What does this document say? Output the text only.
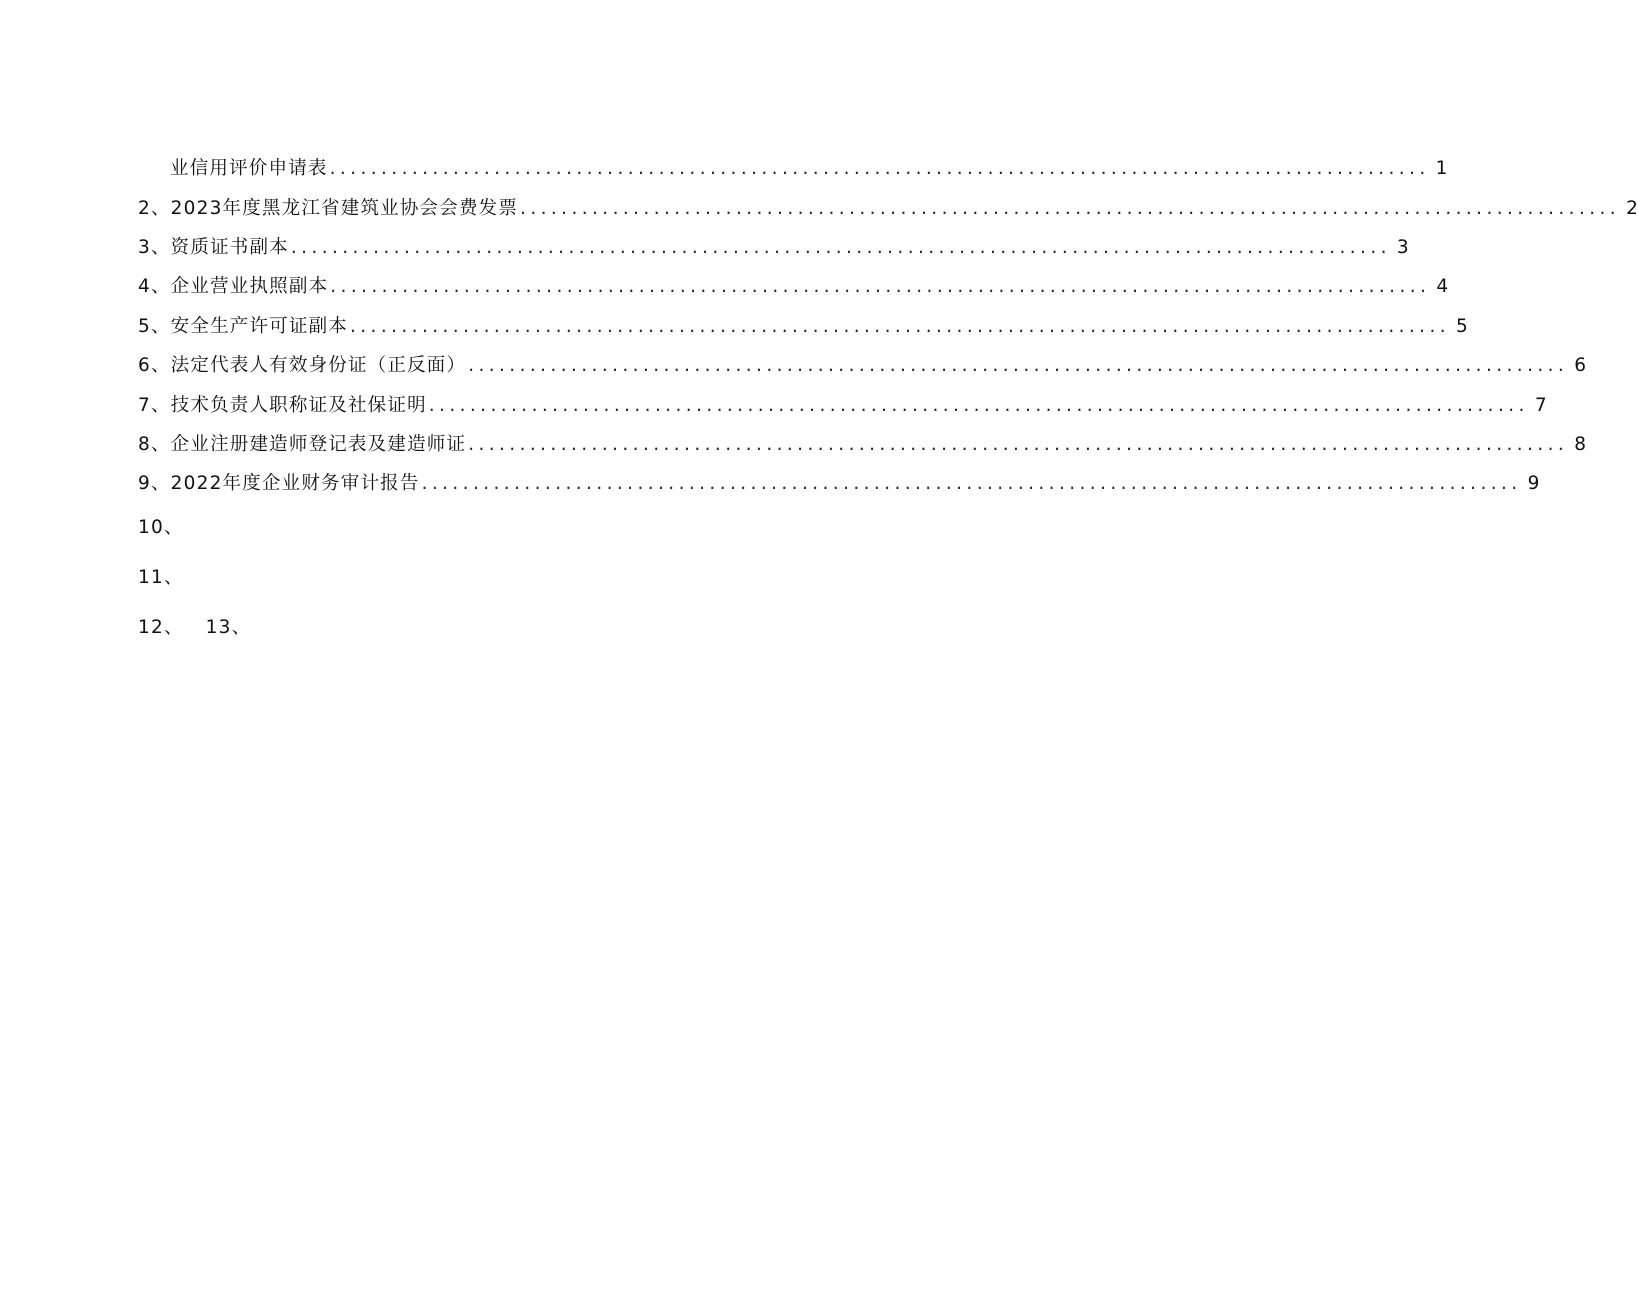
业信用评价申请表 ........................................................................................................... 1
2、 2023年度黑龙江省建筑业协会会费发票 ........................................................................................................... 2
3、 资质证书副本 ........................................................................................................... 3
4、 企业营业执照副本 ........................................................................................................... 4
5、 安全生产许可证副本 ........................................................................................................... 5
6、 法定代表人有效身份证（正反面） ........................................................................................................... 6
7、 技术负责人职称证及社保证明 ........................................................................................................... 7
8、 企业注册建造师登记表及建造师证 ........................................................................................................... 8
9、 2022年度企业财务审计报告 ........................................................................................................... 9
10、
11、
12、 13、
